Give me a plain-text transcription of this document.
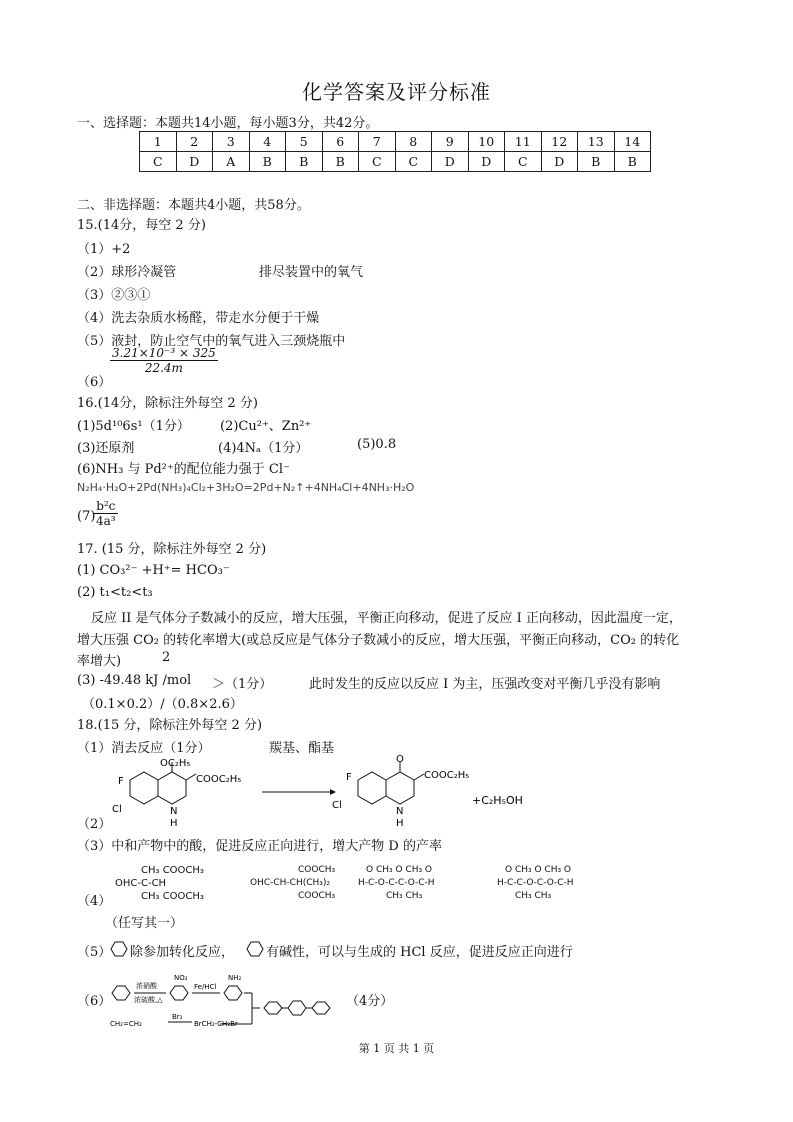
化学答案及评分标准
一、选择题：本题共14小题，每小题3分，共42分。
1	2	3	4	5	6	7	8	9	10	11	12	13	14
C	D	A	B	B	B	C	C	D	D	C	D	B	B
二、非选择题：本题共4小题，共58分。
15.(14分，每空 2 分)
（1）+2
（2）球形冷凝管	排尽装置中的氧气
（3）②③①
（4）洗去杂质水杨醛，带走水分便于干燥
（5）液封，防止空气中的氧气进入三颈烧瓶中
（6）
$\frac{\text{3.21×10⁻³ × 325}}{22.4m}$
16.(14分，除标注外每空 2 分)
(1)5d¹⁰6s¹（1分） (2)Cu²⁺、Zn²⁺
(3)还原剂	(4)4Nₐ（1分）	(5)0.8
(6)NH₃ 与 Pd²⁺的配位能力强于 Cl⁻
N₂H₄·H₂O+2Pd(NH₃)₄Cl₂+3H₂O=2Pd+N₂↑+4NH₄Cl+4NH₃·H₂O
(7)
$\frac{\text{b²c}}{\text{4a³}}$
17. (15 分，除标注外每空 2 分)
(1) CO₃²⁻ +H⁺= HCO₃⁻
(2) t₁<t₂<t₃
反应 II 是气体分子数减小的反应，增大压强，平衡正向移动，促进了反应 I 正向移动，因此温度一定，
增大压强 CO₂ 的转化率增大(或总反应是气体分子数减小的反应，增大压强，平衡正向移动，CO₂ 的转化
率增大)	2
(3) -49.48 kJ /mol ＞（1分）	此时发生的反应以反应 I 为主，压强改变对平衡几乎没有影响
（0.1×0.2）/（0.8×2.6）
18.(15 分，除标注外每空 2 分)
（1）消去反应（1分）	羰基、酯基
（2）
OC₂H₅
COOC₂H₅
F
Cl	N
H
O
COOC₂H₅
F
Cl
N
H
+C₂H₅OH
（3）中和产物中的酸，促进反应正向进行，增大产物 D 的产率
（4）
CH₃ COOCH₃
OHC-C-CH
CH₃ COOCH₃
COOCH₃
OHC-CH-CH(CH₃)₂
COOCH₃
O CH₃ O CH₃ O
H-C-O-C-C-O-C-H
CH₃ CH₃
O CH₃ O CH₃ O
H-C-C-O-C-O-C-H
CH₃ CH₃
（任写其一）
（5） 除参加转化反应， 有碱性，可以与生成的 HCl 反应，促进反应正向进行
（6）
浓硝酸
浓硫酸,△
NO₂
Fe/HCl
NH₂
CH₂=CH₂
Br₂
BrCH₂-CH₂Br
（4分）
第 1 页 共 1 页
